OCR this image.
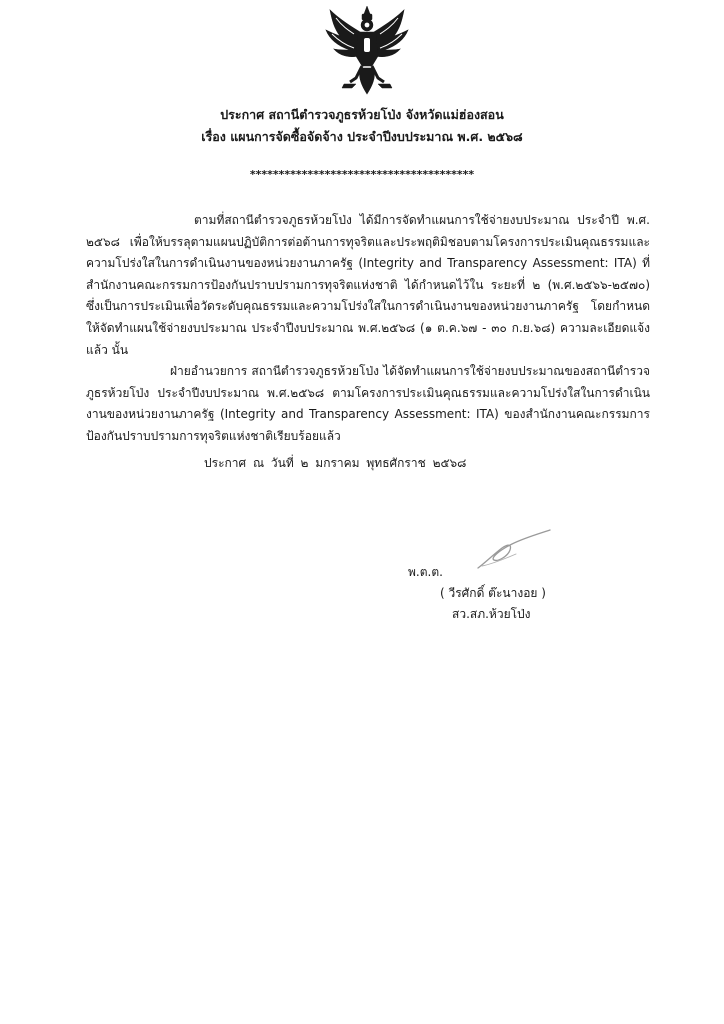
ประกาศ สถานีตำรวจภูธรห้วยโป่ง จังหวัดแม่ฮ่องสอน
เรื่อง แผนการจัดซื้อจัดจ้าง ประจำปีงบประมาณ พ.ศ. ๒๕๖๘
***************************************

ตามที่สถานีตำรวจภูธรห้วยโป่ง ได้มีการจัดทำแผนการใช้จ่ายงบประมาณ ประจำปี พ.ศ. ๒๕๖๘ เพื่อให้บรรลุตามแผนปฏิบัติการต่อต้านการทุจริตและประพฤติมิชอบตามโครงการประเมินคุณธรรมและความโปร่งใสในการดำเนินงานของหน่วยงานภาครัฐ (Integrity and Transparency Assessment: ITA) ที่สำนักงานคณะกรรมการป้องกันปราบปรามการทุจริตแห่งชาติ ได้กำหนดไว้ใน ระยะที่ ๒ (พ.ศ.๒๕๖๖-๒๕๗๐) ซึ่งเป็นการประเมินเพื่อวัดระดับคุณธรรมและความโปร่งใสในการดำเนินงานของหน่วยงานภาครัฐ โดยกำหนดให้จัดทำแผนใช้จ่ายงบประมาณ ประจำปีงบประมาณ พ.ศ.๒๕๖๘ (๑ ต.ค.๖๗ - ๓๐ ก.ย.๖๘) ความละเอียดแจ้งแล้ว นั้น

ฝ่ายอำนวยการ สถานีตำรวจภูธรห้วยโป่ง ได้จัดทำแผนการใช้จ่ายงบประมาณของสถานีตำรวจภูธรห้วยโป่ง ประจำปีงบประมาณ พ.ศ.๒๕๖๘ ตามโครงการประเมินคุณธรรมและความโปร่งใสในการดำเนินงานของหน่วยงานภาครัฐ (Integrity and Transparency Assessment: ITA) ของสำนักงานคณะกรรมการป้องกันปราบปรามการทุจริตแห่งชาติเรียบร้อยแล้ว

ประกาศ ณ วันที่ ๒ มกราคม พุทธศักราช ๒๕๖๘
พ.ต.ต.
( วีรศักดิ์ ต๊ะนางอย )
สว.สภ.ห้วยโป่ง
